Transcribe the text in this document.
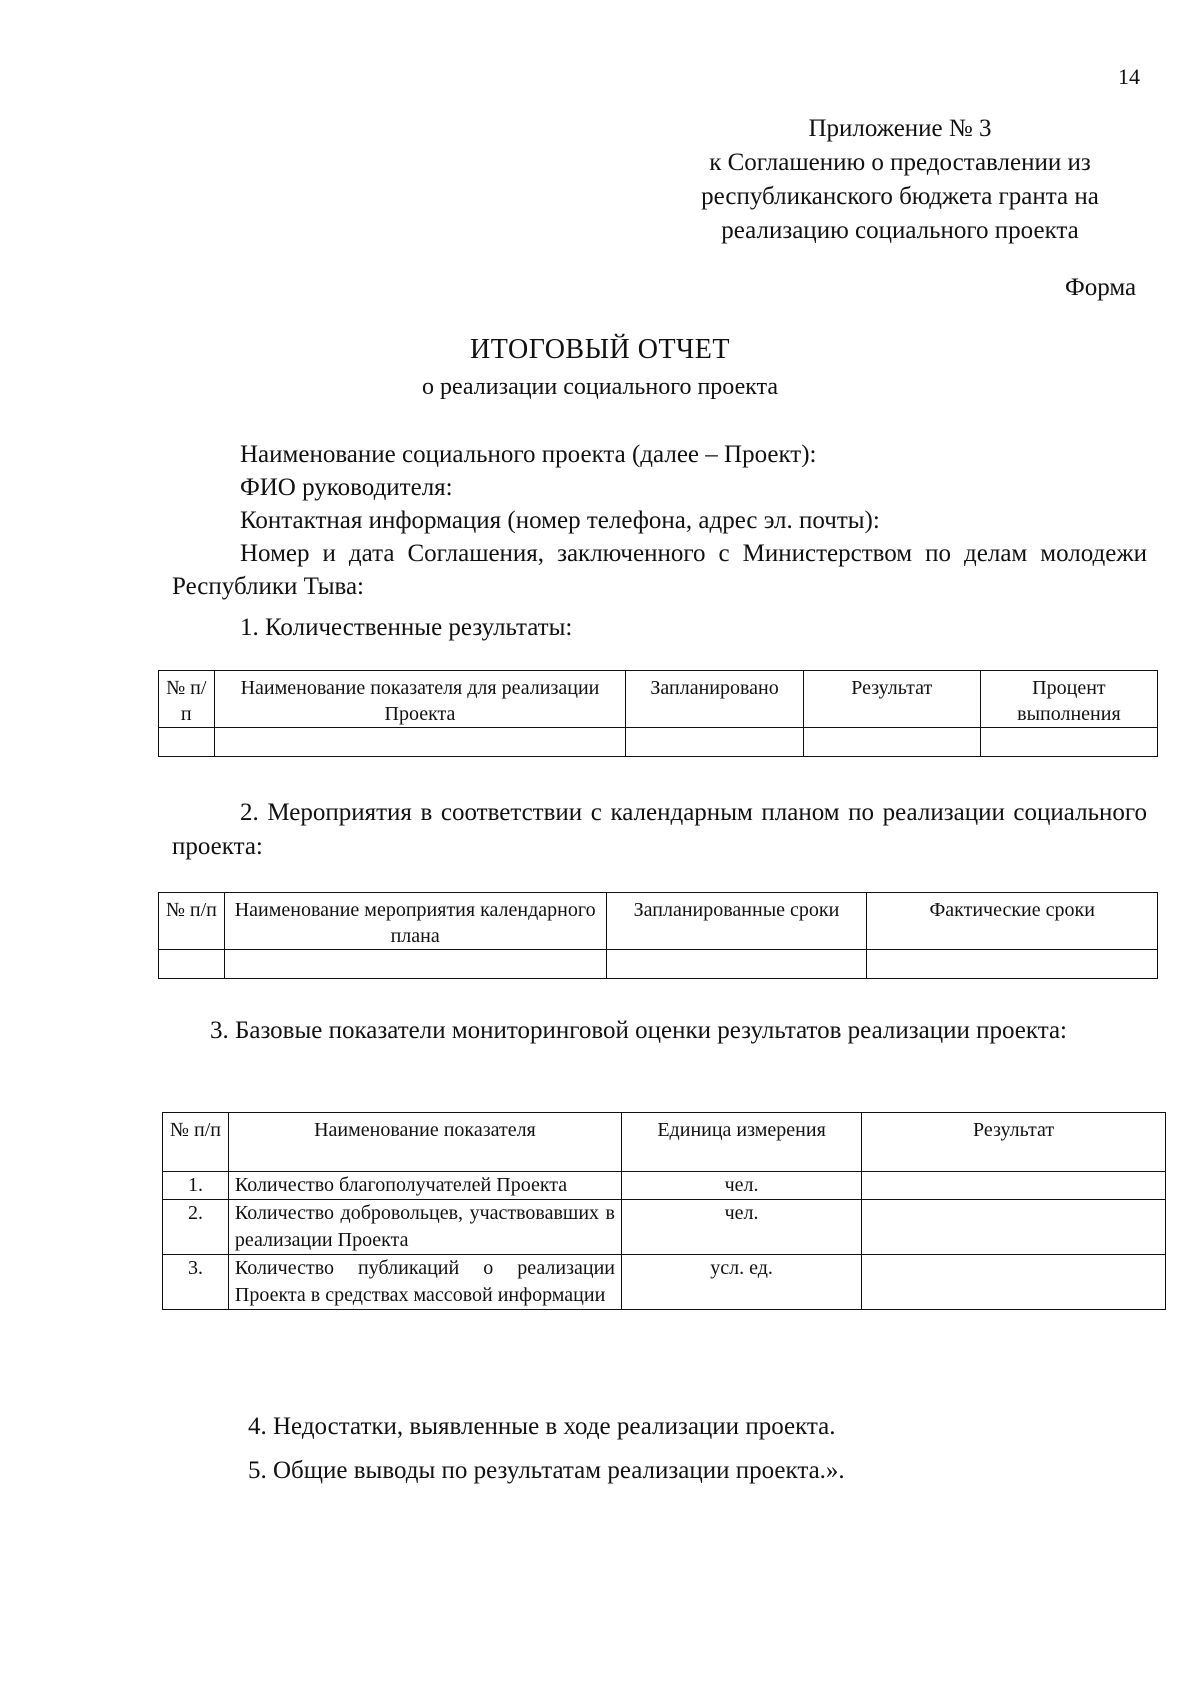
14
Приложение № 3
к Соглашению о предоставлении из
республиканского бюджета гранта на
реализацию социального проекта
Форма
ИТОГОВЫЙ ОТЧЕТ
о реализации социального проекта

Наименование социального проекта (далее – Проект):

ФИО руководителя:

Контактная информация (номер телефона, адрес эл. почты):

Номер и дата Соглашения, заключенного с Министерством по делам молодежи Республики Тыва:

1. Количественные результаты:
№ п/п	Наименование показателя для реализации Проекта	Запланировано	Результат	Процент выполнения

2. Мероприятия в соответствии с календарным планом по реализации социального проекта:
№ п/п	Наименование мероприятия календарного плана	Запланированные сроки	Фактические сроки

3. Базовые показатели мониторинговой оценки результатов реализации проекта:
№ п/п	Наименование показателя	Единица измерения	Результат
1.	Количество благополучателей Проекта	чел.	
2.	Количество добровольцев, участвовавших в реализации Проекта	чел.	
3.	Количество публикаций о реализации Проекта в средствах массовой информации	усл. ед.	
4. Недостатки, выявленные в ходе реализации проекта.
5. Общие выводы по результатам реализации проекта.».
